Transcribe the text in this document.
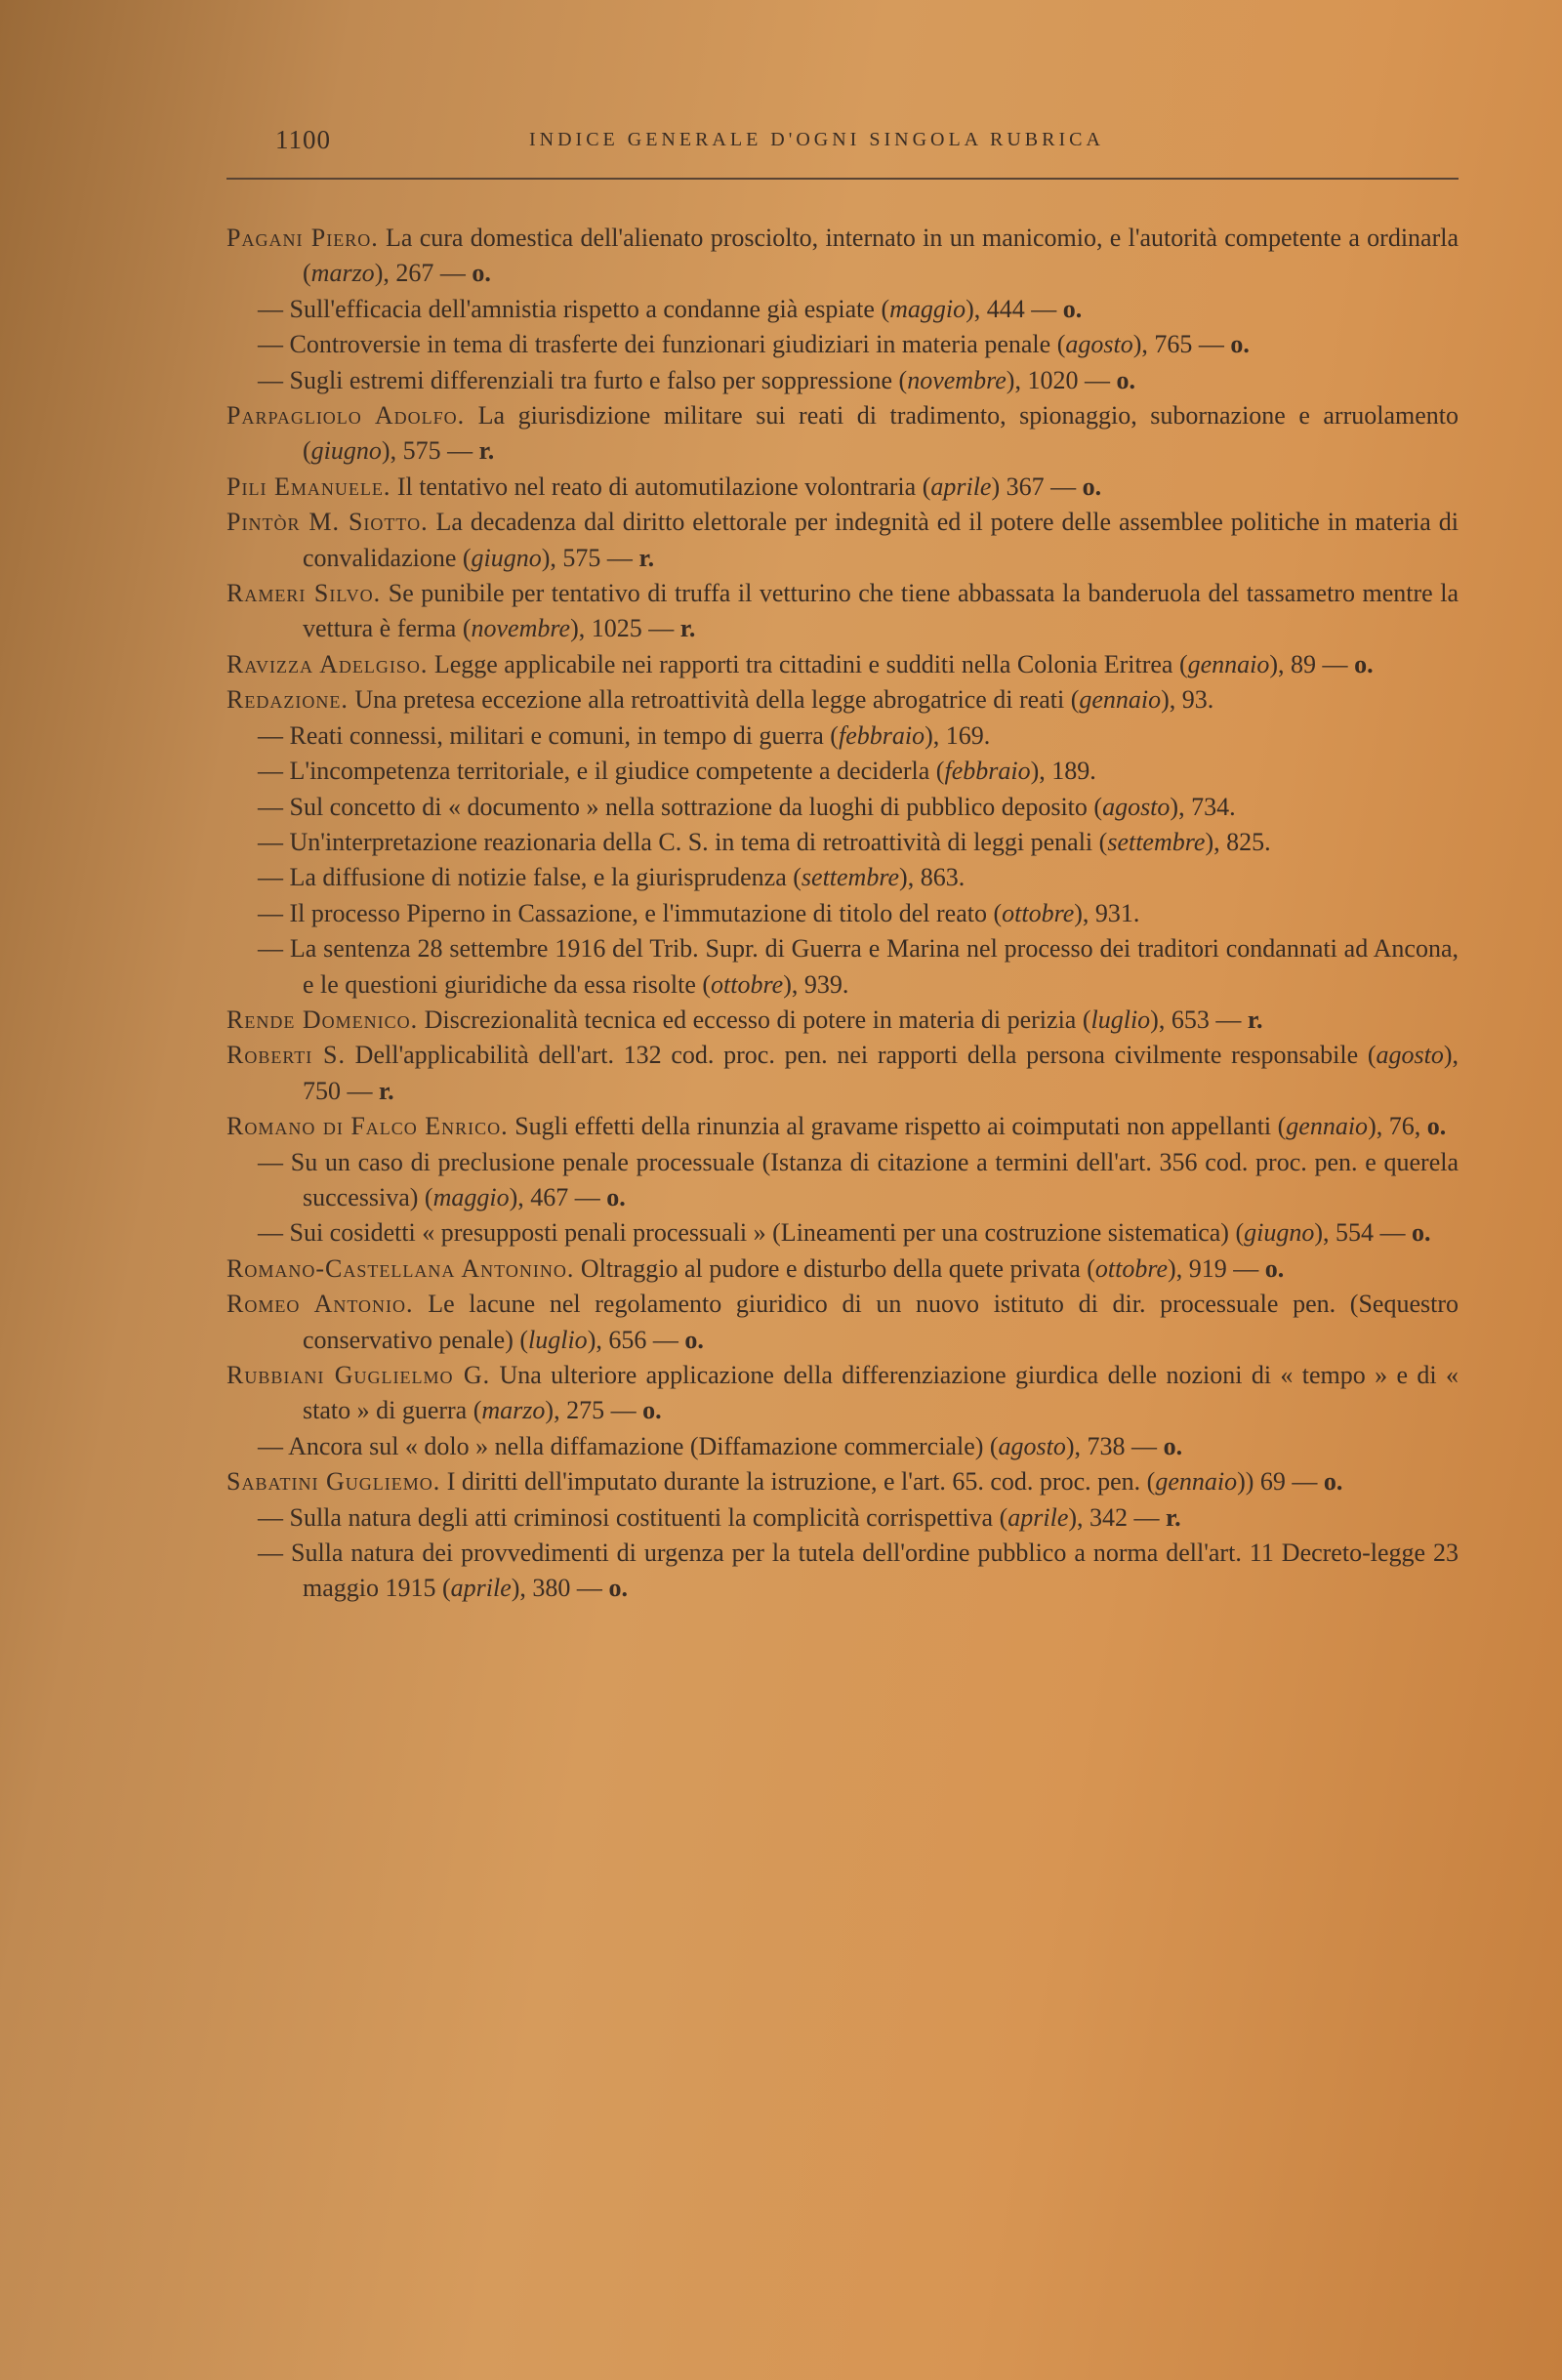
1100	INDICE GENERALE D'OGNI SINGOLA RUBRICA

Pagani Piero. La cura domestica dell'alienato prosciolto, internato in un manicomio, e l'autorità competente a ordinarla (marzo), 267 — o.

— Sull'efficacia dell'amnistia rispetto a condanne già espiate (maggio), 444 — o.

— Controversie in tema di trasferte dei funzionari giudiziari in materia penale (agosto), 765 — o.

— Sugli estremi differenziali tra furto e falso per soppressione (novembre), 1020 — o.

Parpagliolo Adolfo. La giurisdizione militare sui reati di tradimento, spionaggio, subornazione e arruolamento (giugno), 575 — r.

Pili Emanuele. Il tentativo nel reato di automutilazione volontraria (aprile) 367 — o.

Pintòr M. Siotto. La decadenza dal diritto elettorale per indegnità ed il potere delle assemblee politiche in materia di convalidazione (giugno), 575 — r.

Rameri Silvo. Se punibile per tentativo di truffa il vetturino che tiene abbassata la banderuola del tassametro mentre la vettura è ferma (novembre), 1025 — r.

Ravizza Adelgiso. Legge applicabile nei rapporti tra cittadini e sudditi nella Colonia Eritrea (gennaio), 89 — o.

Redazione. Una pretesa eccezione alla retroattività della legge abrogatrice di reati (gennaio), 93.

— Reati connessi, militari e comuni, in tempo di guerra (febbraio), 169.

— L'incompetenza territoriale, e il giudice competente a deciderla (febbraio), 189.

— Sul concetto di « documento » nella sottrazione da luoghi di pubblico deposito (agosto), 734.

— Un'interpretazione reazionaria della C. S. in tema di retroattività di leggi penali (settembre), 825.

— La diffusione di notizie false, e la giurisprudenza (settembre), 863.

— Il processo Piperno in Cassazione, e l'immutazione di titolo del reato (ottobre), 931.

— La sentenza 28 settembre 1916 del Trib. Supr. di Guerra e Marina nel processo dei traditori condannati ad Ancona, e le questioni giuridiche da essa risolte (ottobre), 939.

Rende Domenico. Discrezionalità tecnica ed eccesso di potere in materia di perizia (luglio), 653 — r.

Roberti S. Dell'applicabilità dell'art. 132 cod. proc. pen. nei rapporti della persona civilmente responsabile (agosto), 750 — r.

Romano di Falco Enrico. Sugli effetti della rinunzia al gravame rispetto ai coimputati non appellanti (gennaio), 76, o.

— Su un caso di preclusione penale processuale (Istanza di citazione a termini dell'art. 356 cod. proc. pen. e querela successiva) (maggio), 467 — o.

— Sui cosidetti « presupposti penali processuali » (Lineamenti per una costruzione sistematica) (giugno), 554 — o.

Romano-Castellana Antonino. Oltraggio al pudore e disturbo della quete privata (ottobre), 919 — o.

Romeo Antonio. Le lacune nel regolamento giuridico di un nuovo istituto di dir. processuale pen. (Sequestro conservativo penale) (luglio), 656 — o.

Rubbiani Guglielmo G. Una ulteriore applicazione della differenziazione giurdica delle nozioni di « tempo » e di « stato » di guerra (marzo), 275 — o.

— Ancora sul « dolo » nella diffamazione (Diffamazione commerciale) (agosto), 738 — o.

Sabatini Gugliemo. I diritti dell'imputato durante la istruzione, e l'art. 65. cod. proc. pen. (gennaio)) 69 — o.

— Sulla natura degli atti criminosi costituenti la complicità corrispettiva (aprile), 342 — r.

— Sulla natura dei provvedimenti di urgenza per la tutela dell'ordine pubblico a norma dell'art. 11 Decreto-legge 23 maggio 1915 (aprile), 380 — o.
